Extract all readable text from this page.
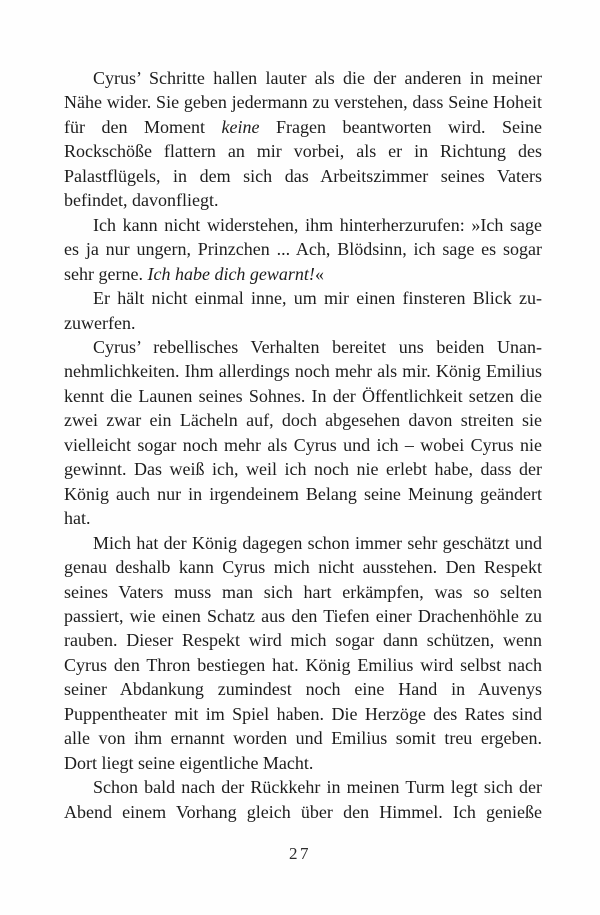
Cyrus’ Schritte hallen lauter als die der anderen in meiner Nähe wider. Sie geben jedermann zu verstehen, dass Seine Hoheit für den Moment keine Fragen beantworten wird. Seine Rockschöße flattern an mir vorbei, als er in Richtung des Palastflügels, in dem sich das Arbeitszimmer seines Vaters befindet, davonfliegt.

Ich kann nicht widerstehen, ihm hinterherzurufen: »Ich sage es ja nur ungern, Prinzchen ... Ach, Blödsinn, ich sage es sogar sehr gerne. Ich habe dich gewarnt!«

Er hält nicht einmal inne, um mir einen finsteren Blick zuzuwerfen.

Cyrus’ rebellisches Verhalten bereitet uns beiden Unannehmlichkeiten. Ihm allerdings noch mehr als mir. König Emilius kennt die Launen seines Sohnes. In der Öffentlichkeit setzen die zwei zwar ein Lächeln auf, doch abgesehen davon streiten sie vielleicht sogar noch mehr als Cyrus und ich – wobei Cyrus nie gewinnt. Das weiß ich, weil ich noch nie erlebt habe, dass der König auch nur in irgendeinem Belang seine Meinung geändert hat.

Mich hat der König dagegen schon immer sehr geschätzt und genau deshalb kann Cyrus mich nicht ausstehen. Den Respekt seines Vaters muss man sich hart erkämpfen, was so selten passiert, wie einen Schatz aus den Tiefen einer Drachenhöhle zu rauben. Dieser Respekt wird mich sogar dann schützen, wenn Cyrus den Thron bestiegen hat. König Emilius wird selbst nach seiner Abdankung zumindest noch eine Hand in Auvenys Puppentheater mit im Spiel haben. Die Herzöge des Rates sind alle von ihm ernannt worden und Emilius somit treu ergeben. Dort liegt seine eigentliche Macht.

Schon bald nach der Rückkehr in meinen Turm legt sich der Abend einem Vorhang gleich über den Himmel. Ich genieße

27
